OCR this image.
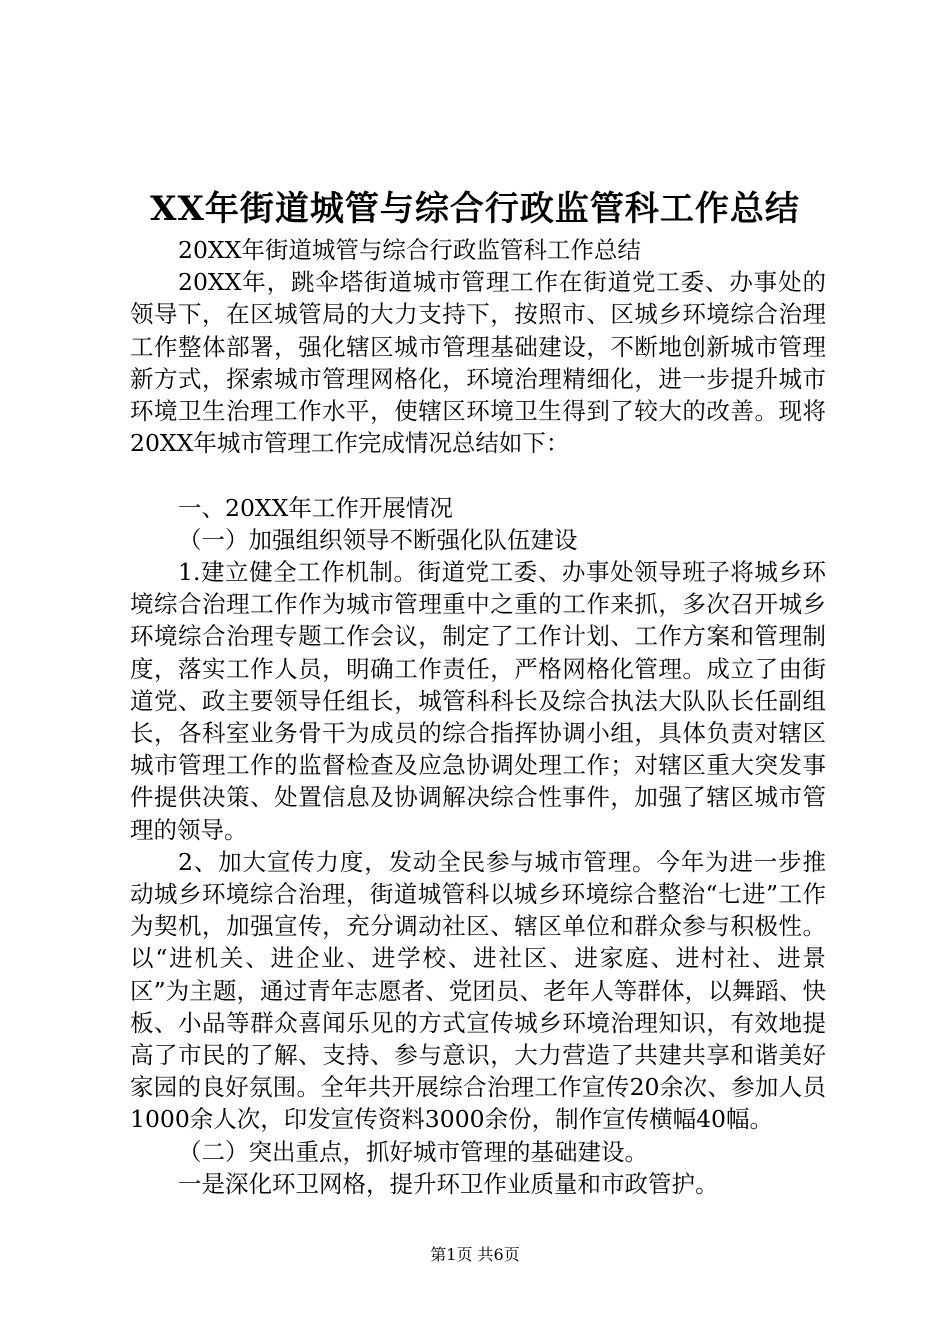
XX年街道城管与综合行政监管科工作总结

20XX年街道城管与综合行政监管科工作总结

20XX年，跳伞塔街道城市管理工作在街道党工委、办事处的领导下，在区城管局的大力支持下，按照市、区城乡环境综合治理工作整体部署，强化辖区城市管理基础建设，不断地创新城市管理新方式，探索城市管理网格化，环境治理精细化，进一步提升城市环境卫生治理工作水平，使辖区环境卫生得到了较大的改善。现将20XX年城市管理工作完成情况总结如下：

一、20XX年工作开展情况

（一）加强组织领导不断强化队伍建设

1.建立健全工作机制。街道党工委、办事处领导班子将城乡环境综合治理工作作为城市管理重中之重的工作来抓，多次召开城乡环境综合治理专题工作会议，制定了工作计划、工作方案和管理制度，落实工作人员，明确工作责任，严格网格化管理。成立了由街道党、政主要领导任组长，城管科科长及综合执法大队队长任副组长，各科室业务骨干为成员的综合指挥协调小组，具体负责对辖区城市管理工作的监督检查及应急协调处理工作；对辖区重大突发事件提供决策、处置信息及协调解决综合性事件，加强了辖区城市管理的领导。

2、加大宣传力度，发动全民参与城市管理。今年为进一步推动城乡环境综合治理，街道城管科以城乡环境综合整治“七进”工作为契机，加强宣传，充分调动社区、辖区单位和群众参与积极性。以“进机关、进企业、进学校、进社区、进家庭、进村社、进景区”为主题，通过青年志愿者、党团员、老年人等群体，以舞蹈、快板、小品等群众喜闻乐见的方式宣传城乡环境治理知识，有效地提高了市民的了解、支持、参与意识，大力营造了共建共享和谐美好家园的良好氛围。全年共开展综合治理工作宣传20余次、参加人员1000余人次，印发宣传资料3000余份，制作宣传横幅40幅。

（二）突出重点，抓好城市管理的基础建设。

一是深化环卫网格，提升环卫作业质量和市政管护。

第1页 共6页
